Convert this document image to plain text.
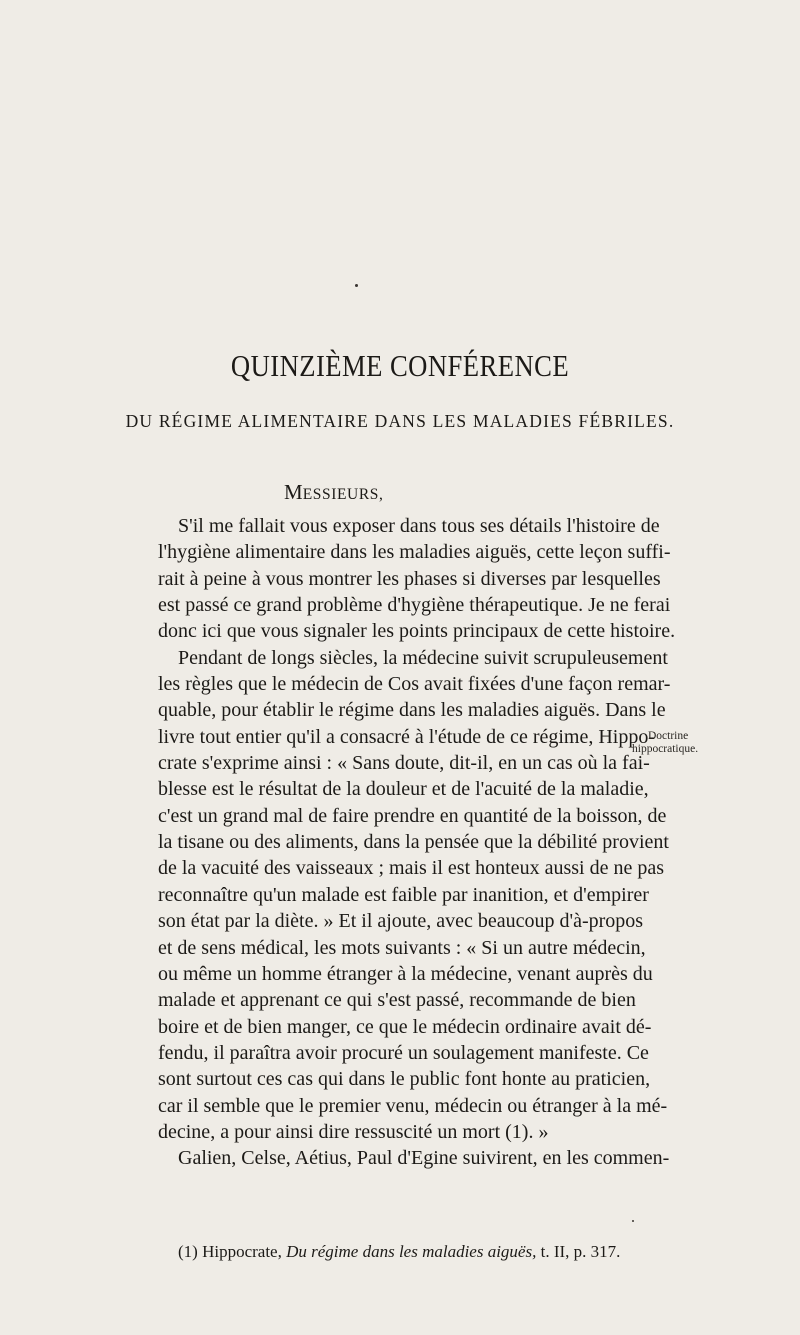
QUINZIÈME CONFÉRENCE
DU RÉGIME ALIMENTAIRE DANS LES MALADIES FÉBRILES.
MESSIEURS,
S'il me fallait vous exposer dans tous ses détails l'histoire de
l'hygiène alimentaire dans les maladies aiguës, cette leçon suffi-
rait à peine à vous montrer les phases si diverses par lesquelles
est passé ce grand problème d'hygiène thérapeutique. Je ne ferai
donc ici que vous signaler les points principaux de cette histoire.
Pendant de longs siècles, la médecine suivit scrupuleusement
les règles que le médecin de Cos avait fixées d'une façon remar-
quable, pour établir le régime dans les maladies aiguës. Dans le
livre tout entier qu'il a consacré à l'étude de ce régime, Hippo-
crate s'exprime ainsi : « Sans doute, dit-il, en un cas où la fai-
blesse est le résultat de la douleur et de l'acuité de la maladie,
c'est un grand mal de faire prendre en quantité de la boisson, de
la tisane ou des aliments, dans la pensée que la débilité provient
de la vacuité des vaisseaux ; mais il est honteux aussi de ne pas
reconnaître qu'un malade est faible par inanition, et d'empirer
son état par la diète. » Et il ajoute, avec beaucoup d'à-propos
et de sens médical, les mots suivants : « Si un autre médecin,
ou même un homme étranger à la médecine, venant auprès du
malade et apprenant ce qui s'est passé, recommande de bien
boire et de bien manger, ce que le médecin ordinaire avait dé-
fendu, il paraîtra avoir procuré un soulagement manifeste. Ce
sont surtout ces cas qui dans le public font honte au praticien,
car il semble que le premier venu, médecin ou étranger à la mé-
decine, a pour ainsi dire ressuscité un mort (1). »
Galien, Celse, Aétius, Paul d'Egine suivirent, en les commen-
Doctrine
hippocratique.
(1) Hippocrate, Du régime dans les maladies aiguës, t. II, p. 317.
